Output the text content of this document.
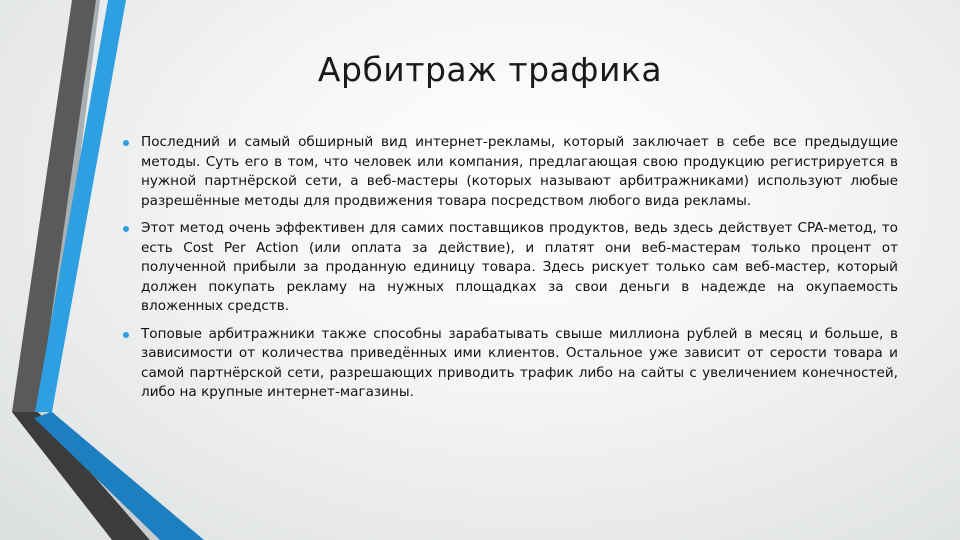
Арбитраж трафика
Последний и самый обширный вид интернет-рекламы, который заключает в себе все предыдущие методы. Суть его в том, что человек или компания, предлагающая свою продукцию регистрируется в нужной партнёрской сети, а веб-мастеры (которых называют арбитражниками) используют любые разрешённые методы для продвижения товара посредством любого вида рекламы.
Этот метод очень эффективен для самих поставщиков продуктов, ведь здесь действует CPA-метод, то есть Cost Per Action (или оплата за действие), и платят они веб-мастерам только процент от полученной прибыли за проданную единицу товара. Здесь рискует только сам веб-мастер, который должен покупать рекламу на нужных площадках за свои деньги в надежде на окупаемость вложенных средств.
Топовые арбитражники также способны зарабатывать свыше миллиона рублей в месяц и больше, в зависимости от количества приведённых ими клиентов. Остальное уже зависит от серости товара и самой партнёрской сети, разрешающих приводить трафик либо на сайты с увеличением конечностей, либо на крупные интернет-магазины.
